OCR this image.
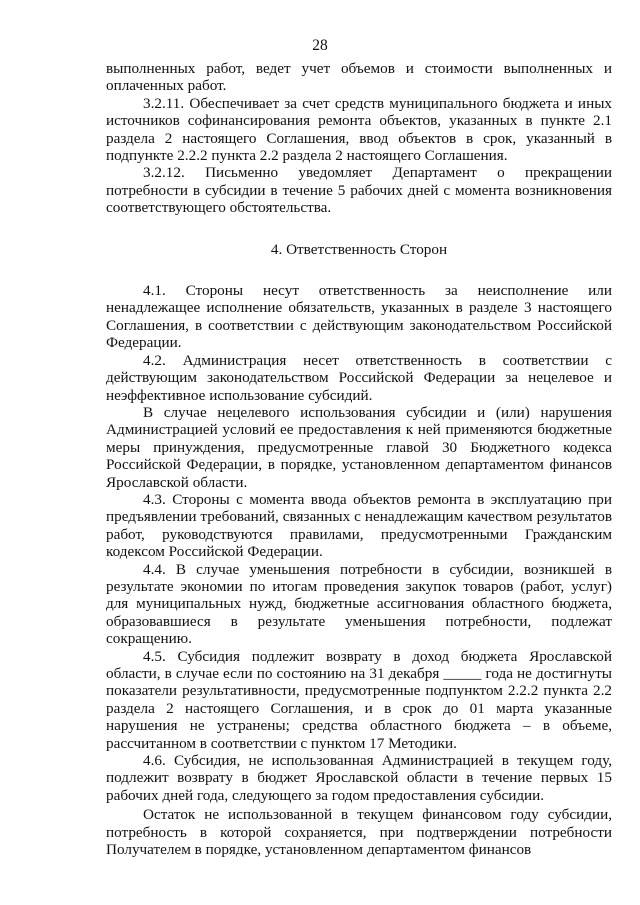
28

выполненных работ, ведет учет объемов и стоимости выполненных и оплаченных работ.

3.2.11. Обеспечивает за счет средств муниципального бюджета и иных источников софинансирования ремонта объектов, указанных в пункте 2.1 раздела 2 настоящего Соглашения, ввод объектов в срок, указанный в подпункте 2.2.2 пункта 2.2 раздела 2 настоящего Соглашения.

3.2.12. Письменно уведомляет Департамент о прекращении потребности в субсидии в течение 5 рабочих дней с момента возникновения соответствующего обстоятельства.

4. Ответственность Сторон

4.1. Стороны несут ответственность за неисполнение или ненадлежащее исполнение обязательств, указанных в разделе 3 настоящего Соглашения, в соответствии с действующим законодательством Российской Федерации.

4.2. Администрация несет ответственность в соответствии с действующим законодательством Российской Федерации за нецелевое и неэффективное использование субсидий.

В случае нецелевого использования субсидии и (или) нарушения Администрацией условий ее предоставления к ней применяются бюджетные меры принуждения, предусмотренные главой 30 Бюджетного кодекса Российской Федерации, в порядке, установленном департаментом финансов Ярославской области.

4.3. Стороны с момента ввода объектов ремонта в эксплуатацию при предъявлении требований, связанных с ненадлежащим качеством результатов работ, руководствуются правилами, предусмотренными Гражданским кодексом Российской Федерации.

4.4. В случае уменьшения потребности в субсидии, возникшей в результате экономии по итогам проведения закупок товаров (работ, услуг) для муниципальных нужд, бюджетные ассигнования областного бюджета, образовавшиеся в результате уменьшения потребности, подлежат сокращению.

4.5. Субсидия подлежит возврату в доход бюджета Ярославской области, в случае если по состоянию на 31 декабря _____ года не достигнуты показатели результативности, предусмотренные подпунктом 2.2.2 пункта 2.2 раздела 2 настоящего Соглашения, и в срок до 01 марта указанные нарушения не устранены; средства областного бюджета – в объеме, рассчитанном в соответствии с пунктом 17 Методики.

4.6. Субсидия, не использованная Администрацией в текущем году, подлежит возврату в бюджет Ярославской области в течение первых 15 рабочих дней года, следующего за годом предоставления субсидии.

Остаток не использованной в текущем финансовом году субсидии, потребность в которой сохраняется, при подтверждении потребности Получателем в порядке, установленном департаментом финансов
